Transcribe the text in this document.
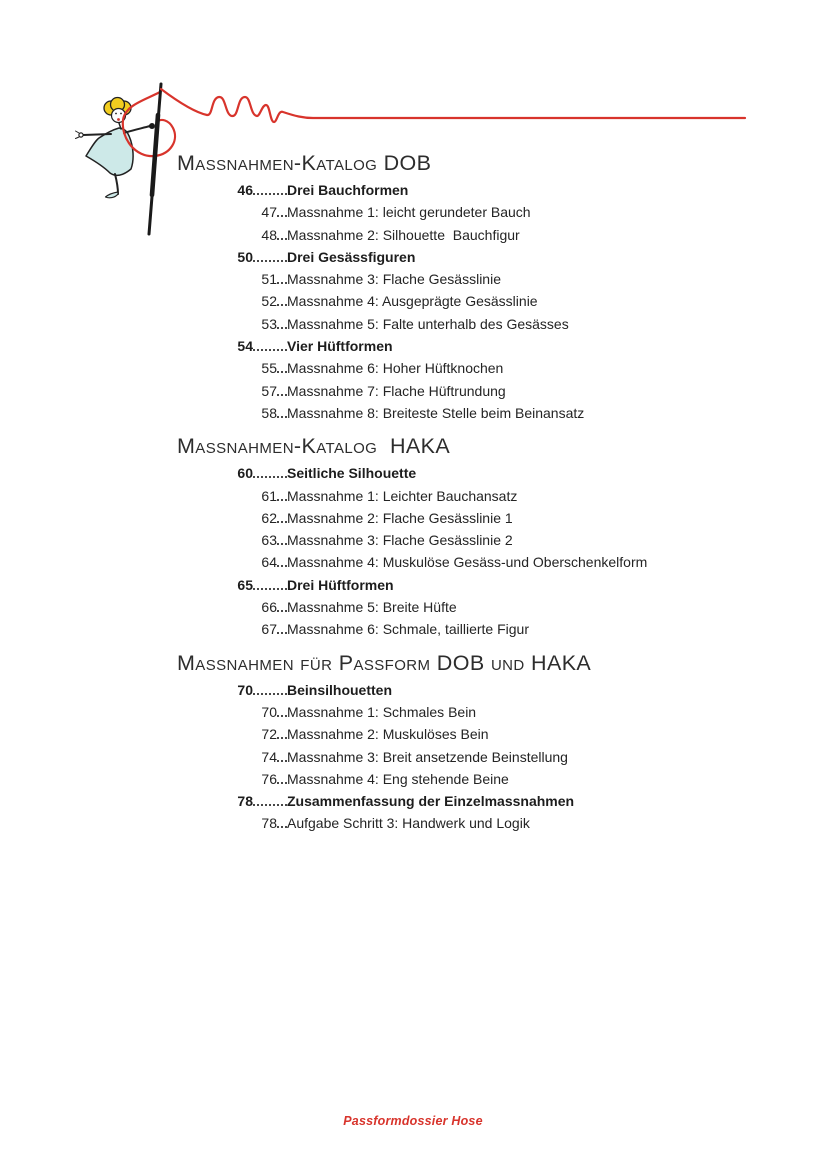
Massnahmen-Katalog DOB
46 Drei Bauchformen
47 Massnahme 1: leicht gerundeter Bauch
48 Massnahme 2: Silhouette  Bauchfigur
50 Drei Gesässfiguren
51 Massnahme 3: Flache Gesässlinie
52 Massnahme 4: Ausgeprägte Gesässlinie
53 Massnahme 5: Falte unterhalb des Gesässes
54 Vier Hüftformen
55 Massnahme 6: Hoher Hüftknochen
57 Massnahme 7: Flache Hüftrundung
58 Massnahme 8: Breiteste Stelle beim Beinansatz
Massnahmen-Katalog  HAKA
60 Seitliche Silhouette
61 Massnahme 1: Leichter Bauchansatz
62 Massnahme 2: Flache Gesässlinie 1
63 Massnahme 3: Flache Gesässlinie 2
64 Massnahme 4: Muskulöse Gesäss-und Oberschenkelform
65 Drei Hüftformen
66 Massnahme 5: Breite Hüfte
67 Massnahme 6: Schmale, taillierte Figur
Massnahmen für Passform DOB und HAKA
70 Beinsilhouetten
70 Massnahme 1: Schmales Bein
72 Massnahme 2: Muskulöses Bein
74 Massnahme 3: Breit ansetzende Beinstellung
76 Massnahme 4: Eng stehende Beine
78 Zusammenfassung der Einzelmassnahmen
78 Aufgabe Schritt 3: Handwerk und Logik
Passformdossier Hose
